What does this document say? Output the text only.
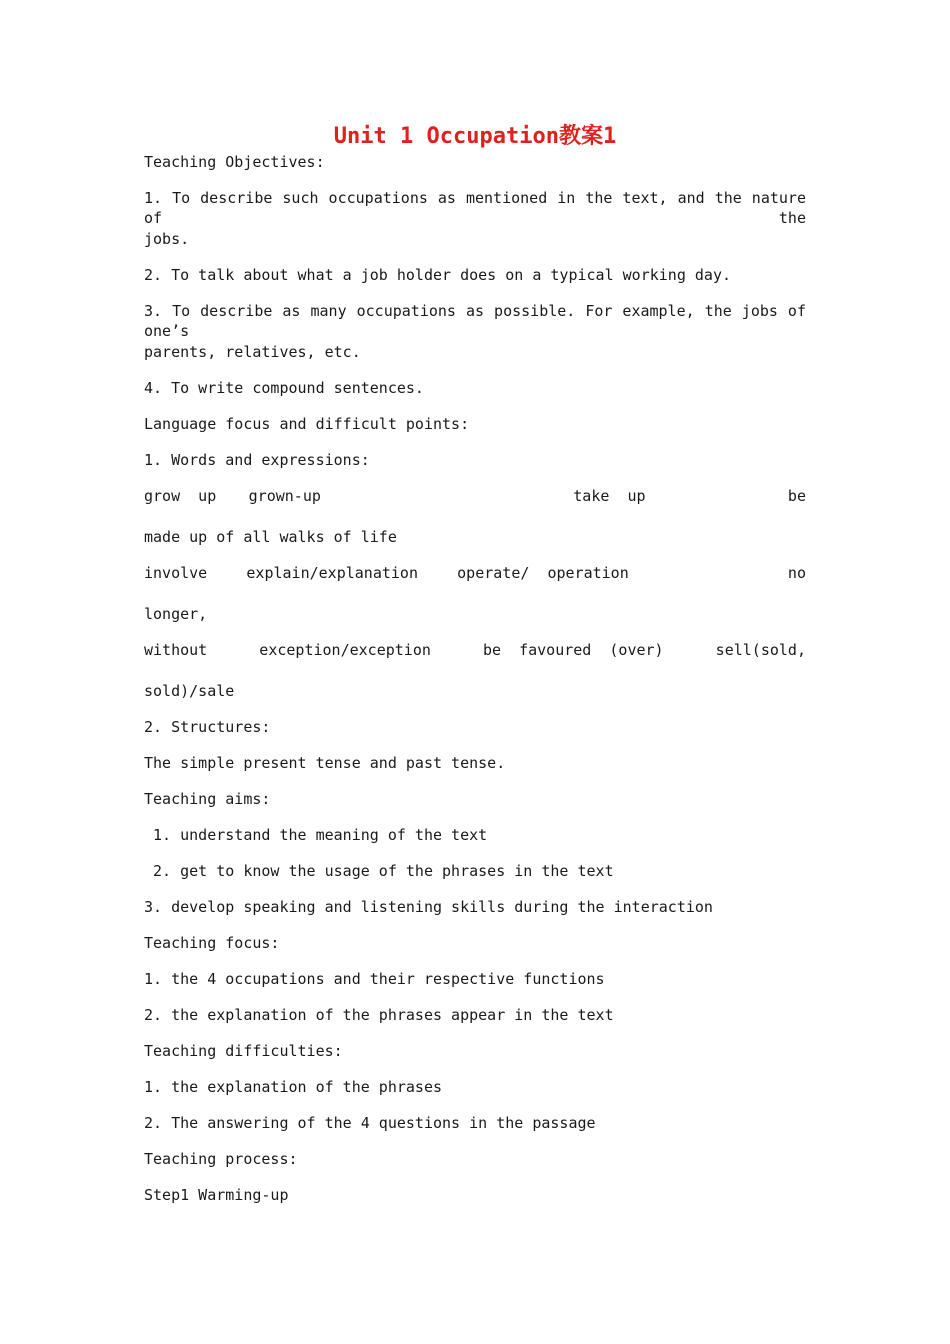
Unit 1 Occupation教案1

Teaching Objectives:

1. To describe such occupations as mentioned in the text, and the nature of the

jobs.

2. To talk about what a job holder does on a typical working day.

3. To describe as many occupations as possible. For example, the jobs of one’s

parents, relatives, etc.

4. To write compound sentences.

Language focus and difficult points:

1. Words and expressions:

grow  up grown-up	take  up	be

made up of all walks of life

involve	explain/explanation	operate/  operation	no

longer,

without	exception/exception	be  favoured  (over)	sell(sold,

sold)/sale

2. Structures:

The simple present tense and past tense.

Teaching aims:

1. understand the meaning of the text

2. get to know the usage of the phrases in the text

3. develop speaking and listening skills during the interaction

Teaching focus:

1. the 4 occupations and their respective functions

2. the explanation of the phrases appear in the text

Teaching difficulties:

1. the explanation of the phrases

2. The answering of the 4 questions in the passage

Teaching process:

Step1 Warming-up
